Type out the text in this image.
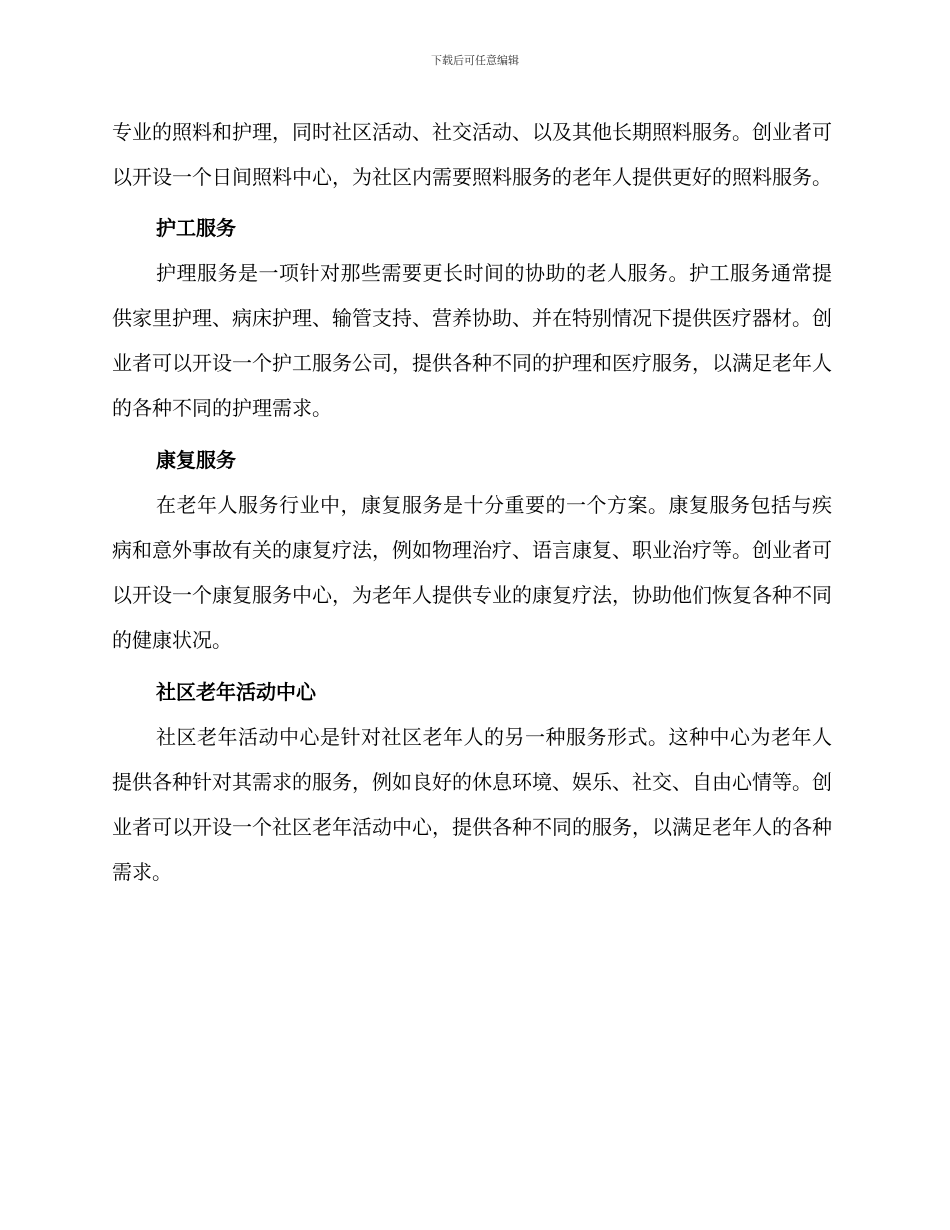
下载后可任意编辑

专业的照料和护理，同时社区活动、社交活动、以及其他长期照料服务。创业者可以开设一个日间照料中心，为社区内需要照料服务的老年人提供更好的照料服务。

护工服务

护理服务是一项针对那些需要更长时间的协助的老人服务。护工服务通常提供家里护理、病床护理、输管支持、营养协助、并在特别情况下提供医疗器材。创业者可以开设一个护工服务公司，提供各种不同的护理和医疗服务，以满足老年人的各种不同的护理需求。

康复服务

在老年人服务行业中，康复服务是十分重要的一个方案。康复服务包括与疾病和意外事故有关的康复疗法，例如物理治疗、语言康复、职业治疗等。创业者可以开设一个康复服务中心，为老年人提供专业的康复疗法，协助他们恢复各种不同的健康状况。

社区老年活动中心

社区老年活动中心是针对社区老年人的另一种服务形式。这种中心为老年人提供各种针对其需求的服务，例如良好的休息环境、娱乐、社交、自由心情等。创业者可以开设一个社区老年活动中心，提供各种不同的服务，以满足老年人的各种需求。
